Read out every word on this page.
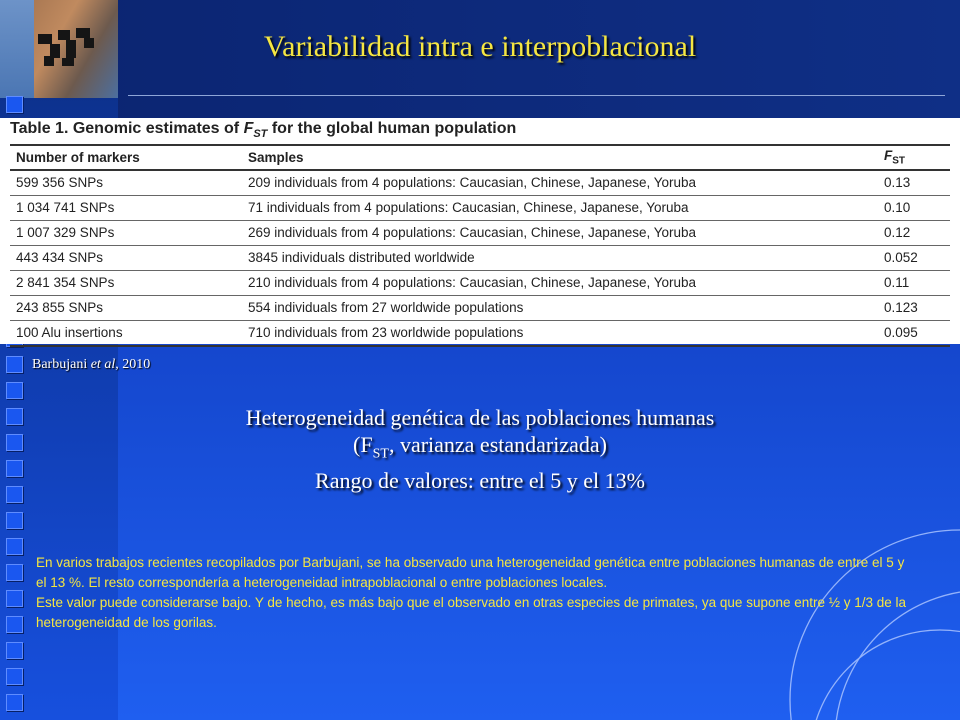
Variabilidad intra e interpoblacional
Table 1. Genomic estimates of $F_{ST}$ for the global human population
Number of markers	Samples	$F_{ST}$
599 356 SNPs	209 individuals from 4 populations: Caucasian, Chinese, Japanese, Yoruba	0.13
1 034 741 SNPs	71 individuals from 4 populations: Caucasian, Chinese, Japanese, Yoruba	0.10
1 007 329 SNPs	269 individuals from 4 populations: Caucasian, Chinese, Japanese, Yoruba	0.12
443 434 SNPs	3845 individuals distributed worldwide	0.052
2 841 354 SNPs	210 individuals from 4 populations: Caucasian, Chinese, Japanese, Yoruba	0.11
243 855 SNPs	554 individuals from 27 worldwide populations	0.123
100 Alu insertions	710 individuals from 23 worldwide populations	0.095
Barbujani et al, 2010
Heterogeneidad genética de las poblaciones humanas
($F_{ST}$, varianza estandarizada)
Rango de valores: entre el 5 y el 13%

En varios trabajos recientes recopilados por Barbujani, se ha observado una heterogeneidad genética entre poblaciones humanas de entre el 5 y el 13 %. El resto correspondería a heterogeneidad intrapoblacional o entre poblaciones locales.

Este valor puede considerarse bajo. Y de hecho, es más bajo que el observado en otras especies de primates, ya que supone entre ½ y 1/3 de la heterogeneidad de los gorilas.
